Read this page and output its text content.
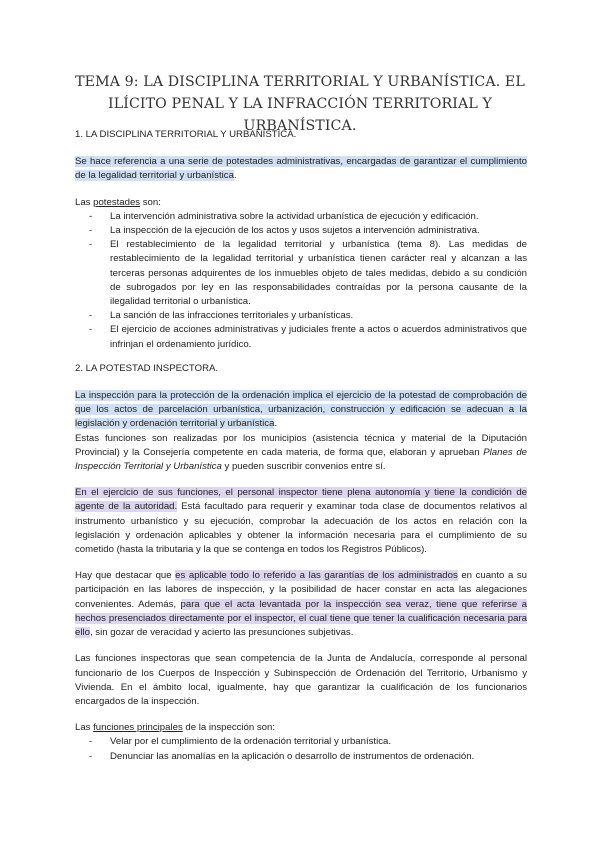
TEMA 9: LA DISCIPLINA TERRITORIAL Y URBANÍSTICA. EL ILÍCITO PENAL Y LA INFRACCIÓN TERRITORIAL Y URBANÍSTICA.

1. LA DISCIPLINA TERRITORIAL Y URBANÍSTICA.

Se hace referencia a una serie de potestades administrativas, encargadas de garantizar el cumplimiento de la legalidad territorial y urbanística.

Las potestades son:

- La intervención administrativa sobre la actividad urbanística de ejecución y edificación.
- La inspección de la ejecución de los actos y usos sujetos a intervención administrativa.
- El restablecimiento de la legalidad territorial y urbanística (tema 8). Las medidas de restablecimiento de la legalidad territorial y urbanística tienen carácter real y alcanzan a las terceras personas adquirentes de los inmuebles objeto de tales medidas, debido a su condición de subrogados por ley en las responsabilidades contraídas por la persona causante de la ilegalidad territorial o urbanística.
- La sanción de las infracciones territoriales y urbanísticas.
- El ejercicio de acciones administrativas y judiciales frente a actos o acuerdos administrativos que infrinjan el ordenamiento jurídico.

2. LA POTESTAD INSPECTORA.

La inspección para la protección de la ordenación implica el ejercicio de la potestad de comprobación de que los actos de parcelación urbanística, urbanización, construcción y edificación se adecuan a la legislación y ordenación territorial y urbanística.

Estas funciones son realizadas por los municipios (asistencia técnica y material de la Diputación Provincial) y la Consejería competente en cada materia, de forma que, elaboran y aprueban Planes de Inspección Territorial y Urbanística y pueden suscribir convenios entre sí.

En el ejercicio de sus funciones, el personal inspector tiene plena autonomía y tiene la condición de agente de la autoridad. Está facultado para requerir y examinar toda clase de documentos relativos al instrumento urbanístico y su ejecución, comprobar la adecuación de los actos en relación con la legislación y ordenación aplicables y obtener la información necesaria para el cumplimiento de su cometido (hasta la tributaria y la que se contenga en todos los Registros Públicos).

Hay que destacar que es aplicable todo lo referido a las garantías de los administrados en cuanto a su participación en las labores de inspección, y la posibilidad de hacer constar en acta las alegaciones convenientes. Además, para que el acta levantada por la inspección sea veraz, tiene que referirse a hechos presenciados directamente por el inspector, el cual tiene que tener la cualificación necesaria para ello, sin gozar de veracidad y acierto las presunciones subjetivas.

Las funciones inspectoras que sean competencia de la Junta de Andalucía, corresponde al personal funcionario de los Cuerpos de Inspección y Subinspección de Ordenación del Territorio, Urbanismo y Vivienda. En el ámbito local, igualmente, hay que garantizar la cualificación de los funcionarios encargados de la inspección.

Las funciones principales de la inspección son:

- Velar por el cumplimiento de la ordenación territorial y urbanística.
- Denunciar las anomalías en la aplicación o desarrollo de instrumentos de ordenación.
